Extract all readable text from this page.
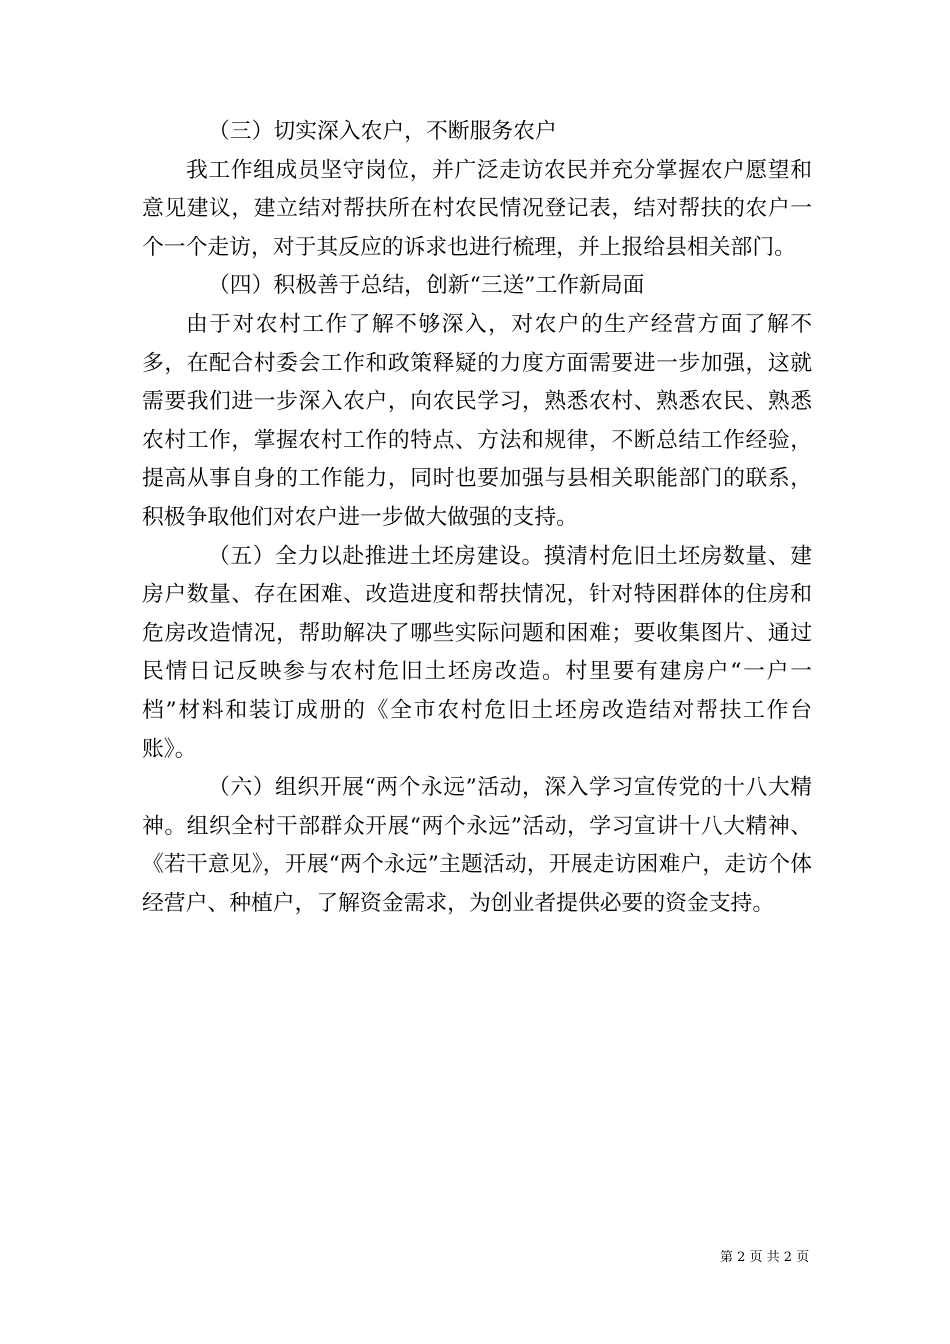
（三）切实深入农户，不断服务农户

我工作组成员坚守岗位，并广泛走访农民并充分掌握农户愿望和意见建议，建立结对帮扶所在村农民情况登记表，结对帮扶的农户一个一个走访，对于其反应的诉求也进行梳理，并上报给县相关部门。

（四）积极善于总结，创新“三送”工作新局面

由于对农村工作了解不够深入，对农户的生产经营方面了解不多，在配合村委会工作和政策释疑的力度方面需要进一步加强，这就需要我们进一步深入农户，向农民学习，熟悉农村、熟悉农民、熟悉农村工作，掌握农村工作的特点、方法和规律，不断总结工作经验，提高从事自身的工作能力，同时也要加强与县相关职能部门的联系，积极争取他们对农户进一步做大做强的支持。

（五）全力以赴推进土坯房建设。摸清村危旧土坯房数量、建房户数量、存在困难、改造进度和帮扶情况，针对特困群体的住房和危房改造情况，帮助解决了哪些实际问题和困难；要收集图片、通过民情日记反映参与农村危旧土坯房改造。村里要有建房户“一户一档”材料和装订成册的《全市农村危旧土坯房改造结对帮扶工作台账》。

（六）组织开展“两个永远”活动，深入学习宣传党的十八大精神。组织全村干部群众开展“两个永远”活动，学习宣讲十八大精神、《若干意见》，开展“两个永远”主题活动，开展走访困难户，走访个体经营户、种植户，了解资金需求，为创业者提供必要的资金支持。

第 2 页 共 2 页
